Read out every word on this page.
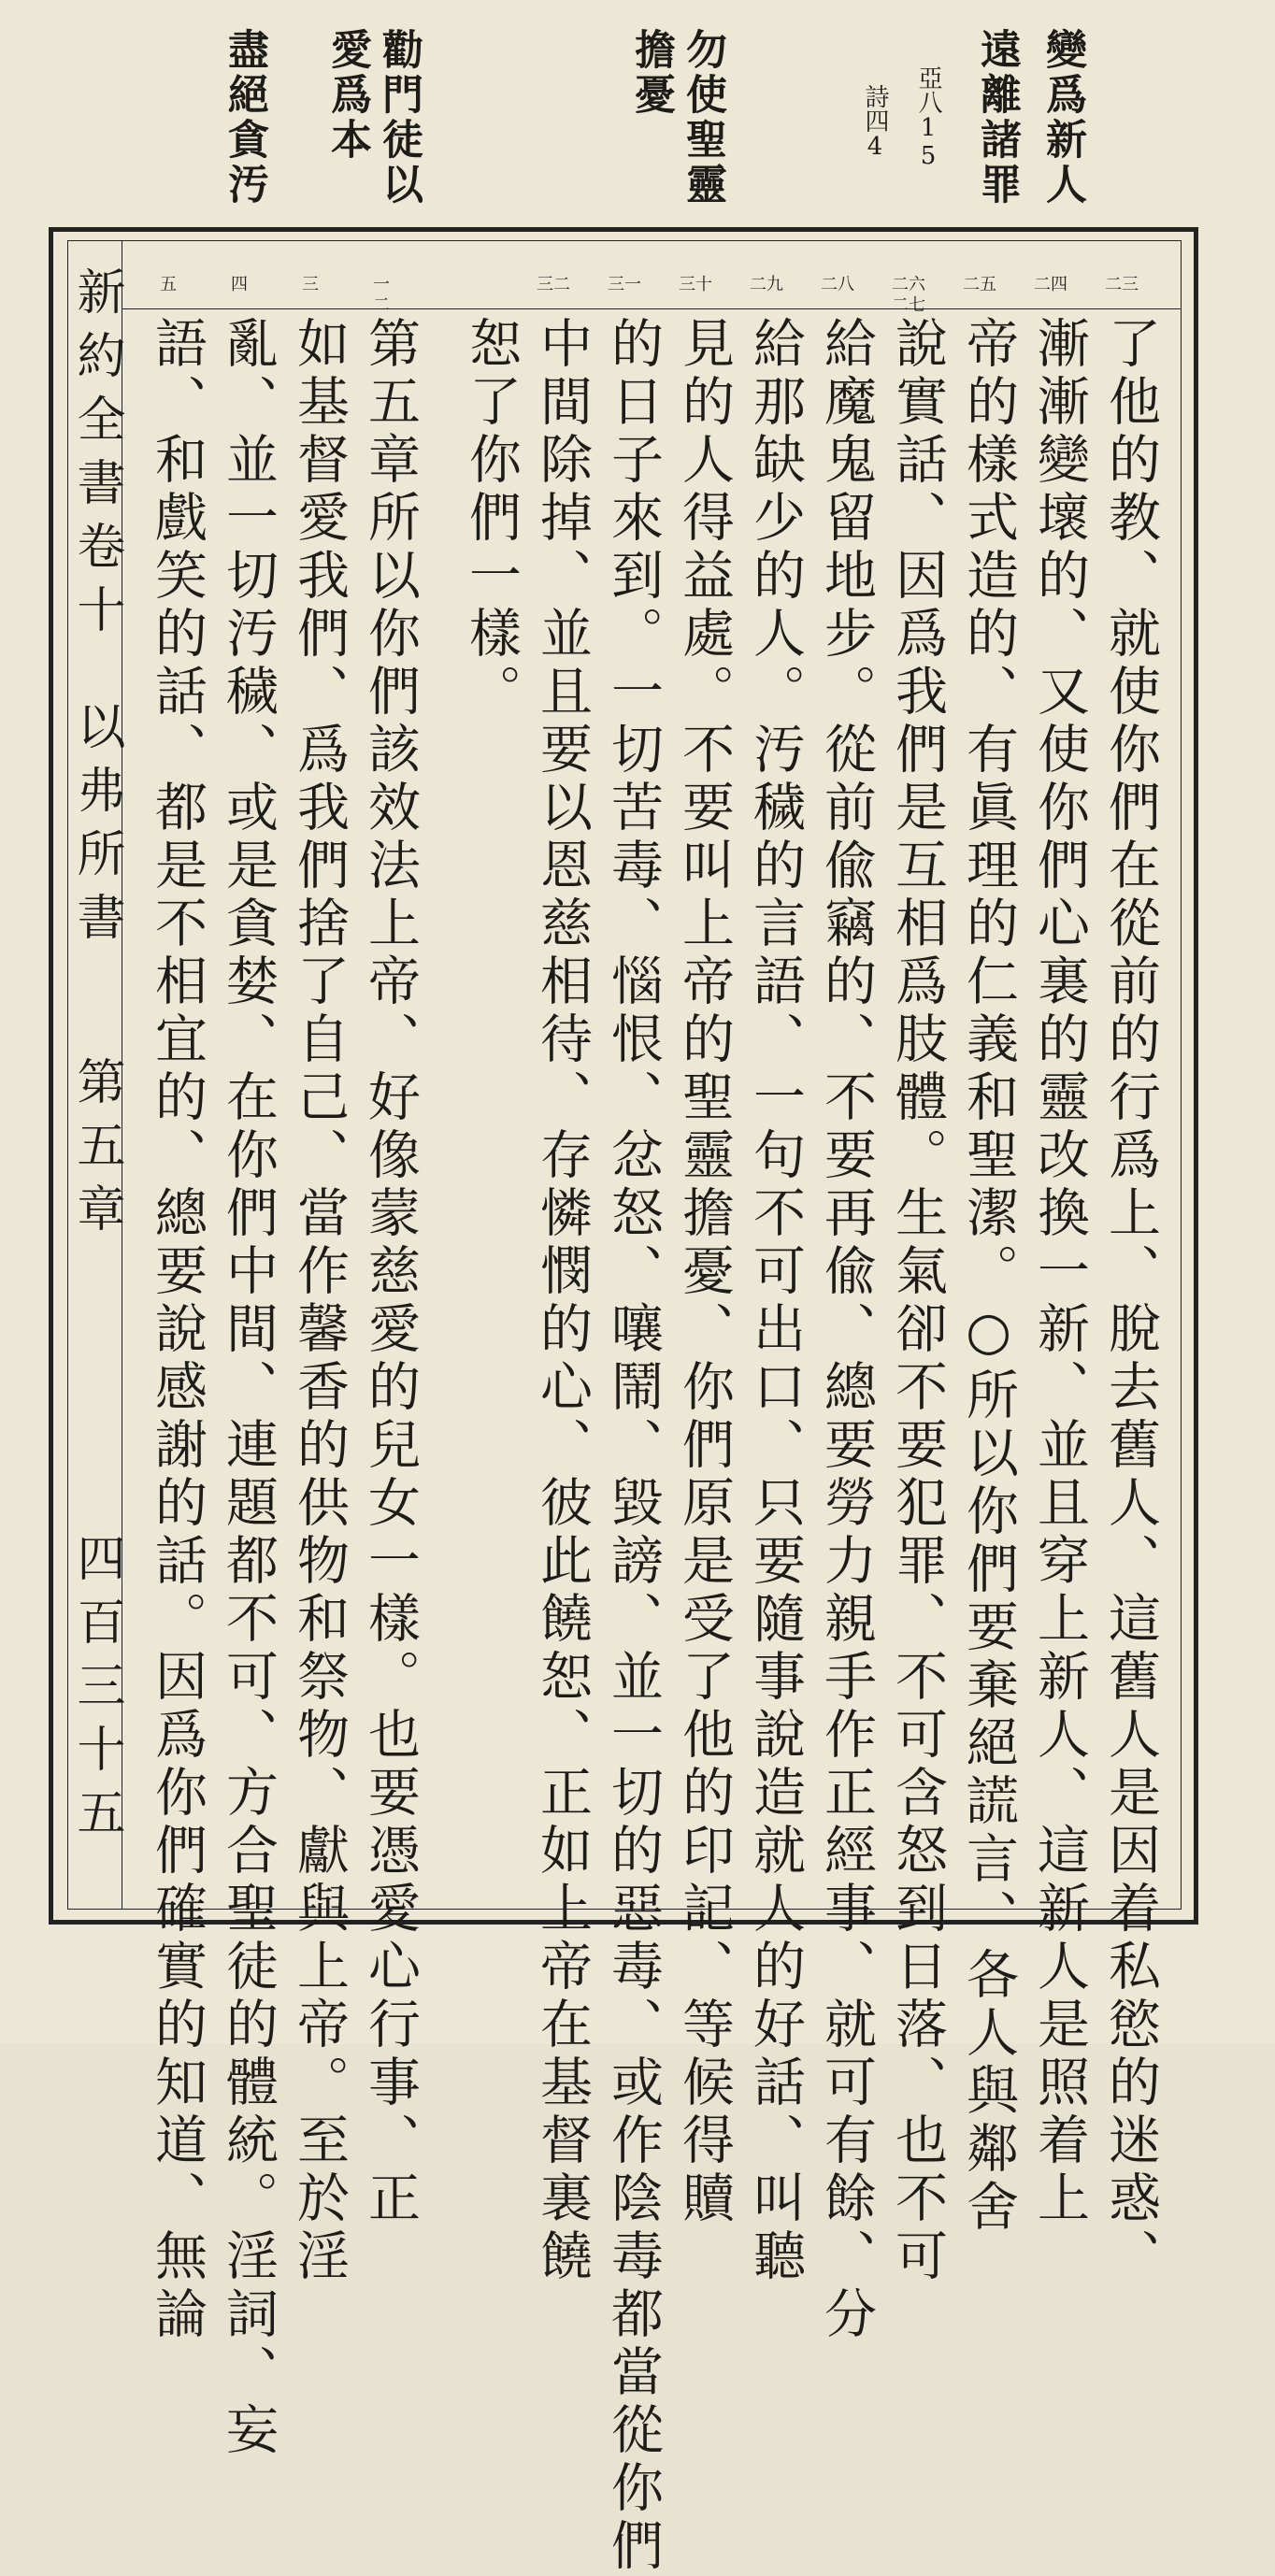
變爲新人
遠離諸罪
亞八15
詩四4
勿使聖靈
擔憂
勸門徒以
愛爲本
盡絕貪汚
新約全書卷十
以弗所書
第五章
四百三十五
二三
二四
二五
二六
二七
二八
二九
三十
三一
三二
一
二
三
四
五
了他的教、就使你們在從前的行爲上、脫去舊人、這舊人是因着私慾的迷惑、
漸漸變壞的、又使你們心裏的靈改換一新、並且穿上新人、這新人是照着上
帝的樣式造的、有眞理的仁義和聖潔。○所以你們要棄絕謊言、各人與鄰舍
說實話、因爲我們是互相爲肢體。生氣卻不要犯罪、不可含怒到日落、也不可
給魔鬼留地步。從前偸竊的、不要再偸、總要勞力親手作正經事、就可有餘、分
給那缺少的人。汚穢的言語、一句不可出口、只要隨事說造就人的好話、叫聽
見的人得益處。不要叫上帝的聖靈擔憂、你們原是受了他的印記、等候得贖
的日子來到。一切苦毒、惱恨、忿怒、嚷鬧、毀謗、並一切的惡毒、或作陰毒都當從你們
中間除掉、並且要以恩慈相待、存憐憫的心、彼此饒恕、正如上帝在基督裏饒
恕了你們一樣。
第五章所以你們該效法上帝、好像蒙慈愛的兒女一樣。也要憑愛心行事、正
如基督愛我們、爲我們捨了自己、當作馨香的供物和祭物、獻與上帝。至於淫
亂、並一切汚穢、或是貪婪、在你們中間、連題都不可、方合聖徒的體統。淫詞、妄
語、和戲笑的話、都是不相宜的、總要說感謝的話。因爲你們確實的知道、無論
